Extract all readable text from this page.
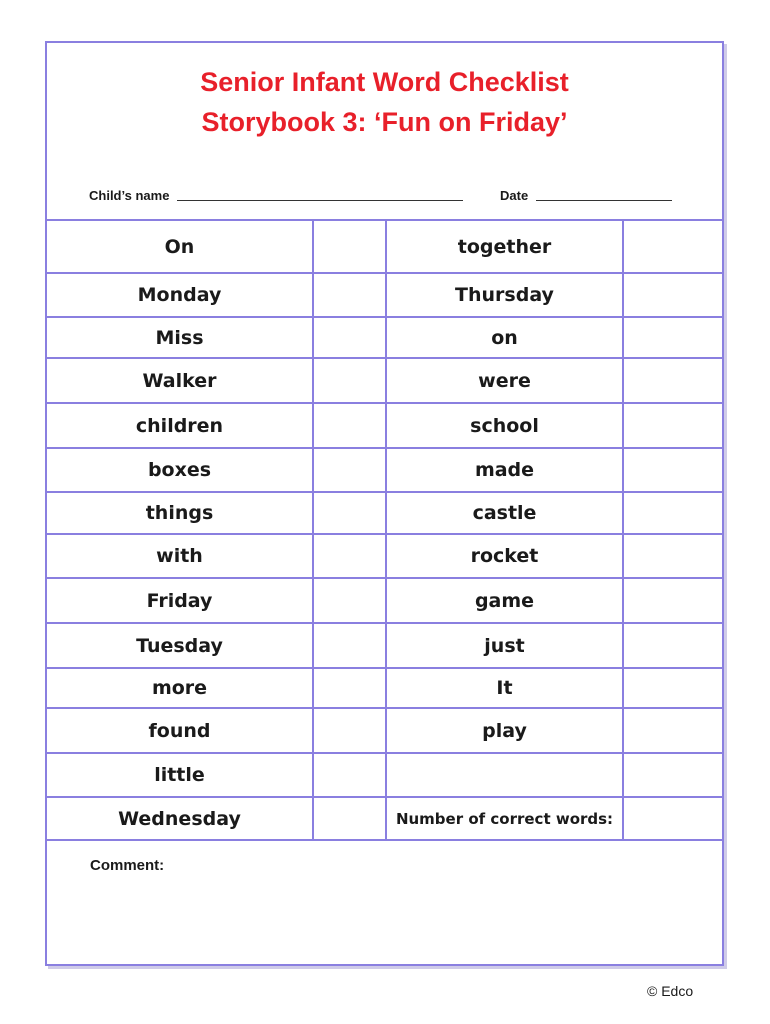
Senior Infant Word Checklist
Storybook 3: ‘Fun on Friday’
Child’s name	Date
On		together	
Monday		Thursday	
Miss		on	
Walker		were	
children		school	
boxes		made	
things		castle	
with		rocket	
Friday		game	
Tuesday		just	
more		It	
found		play	
little			
Wednesday		Number of correct words:	
Comment:
© Edco
